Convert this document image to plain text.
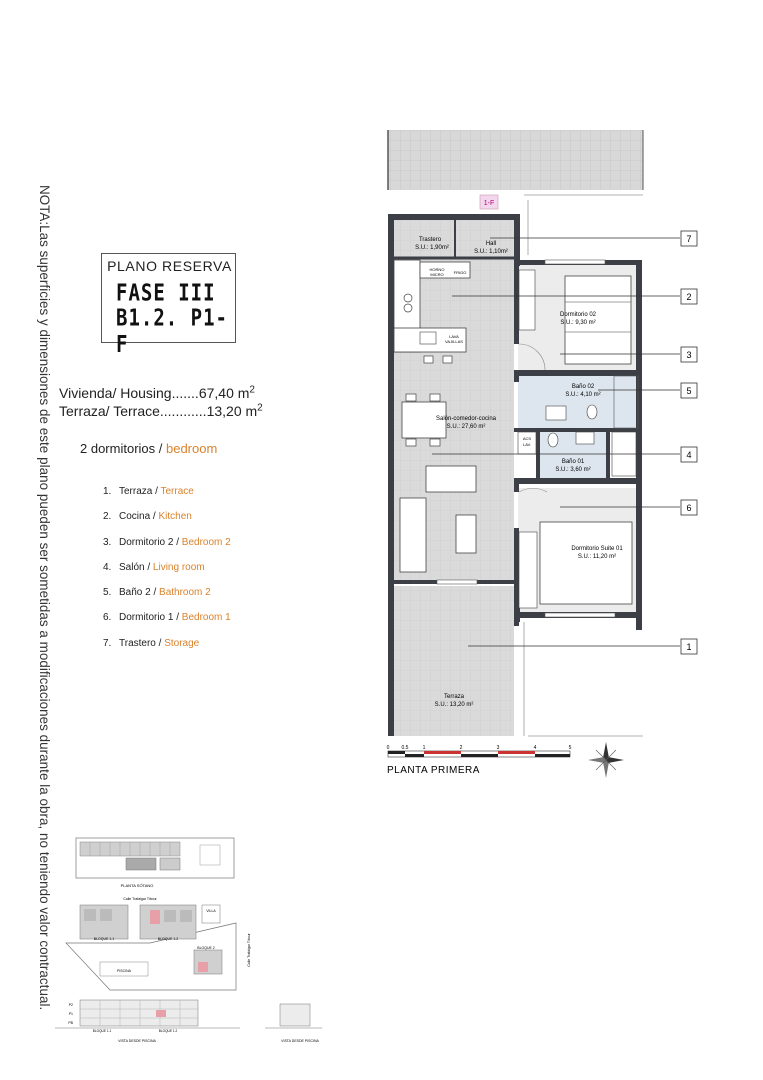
NOTA:Las superficies y dimensiones de este plano pueden ser sometidas a modificaciones durante la obra, no teniendo valor contractual.	PLANO RESERVA
FASE III
B1.2. P1-F
Vivienda/ Housing.......67,40 $m^2$
Terraza/ Terrace............13,20 $m^2$
2 dormitorios / bedroom
1. Terraza / Terrace
2. Cocina / Kitchen
3. Dormitorio 2 / Bedroom 2
4. Salón / Living room
5. Baño 2 / Bathroom 2
6. Dormitorio 1 / Bedroom 1
7. Trastero / Storage
1-F
Trastero
S.U.: 1,90m²
Hall
S.U.: 1,10m²
HORNO
MICRO FRIGO
LAVA
VAJILLAS
Salón-comedor-cocina
S.U.: 27,60 m²
Dormitorio 02
S.U.: 9,30 m²
Baño 02
S.U.: 4,10 m²
ACS
LAV.
Baño 01
S.U.: 3,60 m²
Dormitorio Suite 01
S.U.: 11,20 m²
Terraza
S.U.: 13,20 m²
7
2
3
5
4
6
1
0 0.5	1	2	3	4	5
PLANTA PRIMERA
PLANTA SÓTANO
Calle Trafalgar Tibour
BLOQUE 1.1	BLOQUE 1.2
VILLA
BLOQUE 2
PISCINA
Calle Trafalgar Tibour
P2
P1
PB
BLOQUE 1.1	BLOQUE 1.2
VISTA DESDE PISCINA	VISTA DESDE PISCINA
